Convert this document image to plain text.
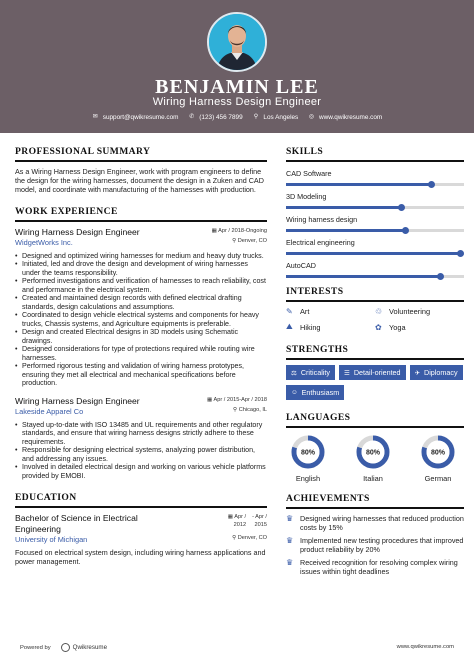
BENJAMIN LEE
Wiring Harness Design Engineer
✉ support@qwikresume.com
✆ (123) 456 7899
⚲ Los Angeles
◎ www.qwikresume.com
PROFESSIONAL SUMMARY
As a Wiring Harness Design Engineer, work with program engineers to define the design for the wiring harnesses, document the design in a Zuken and CAD model, and coordinate with manufacturing of the harnesses with production.
WORK EXPERIENCE
Wiring Harness Design Engineer	▦ Apr / 2018-Ongoing
WidgetWorks Inc.	⚲ Denver, CO
• Designed and optimized wiring harnesses for medium and heavy duty trucks.
• Initiated, led and drove the design and development of wiring harnesses under the teams responsibility.
• Performed investigations and verification of harnesses to reach reliability, cost and performance in the electrical system.
• Created and maintained design records with defined electrical drafting standards, design calculations and assumptions.
• Coordinated to design vehicle electrical systems and components for heavy trucks, Chassis systems, and Agriculture equipments is preferable.
• Design and created Electrical designs in 3D models using Schematic drawings.
• Designed considerations for type of protections required while routing wire harnesses.
• Performed rigorous testing and validation of wiring harness prototypes, ensuring they met all electrical and mechanical specifications before production.
Wiring Harness Design Engineer	▦ Apr / 2015-Apr / 2018
Lakeside Apparel Co	⚲ Chicago, IL
• Stayed up-to-date with ISO 13485 and UL requirements and other regulatory standards, and ensure that wiring harness designs strictly adhere to these requirements.
• Responsible for designing electrical systems, analyzing power distribution, and addressing any issues.
• Involved in detailed electrical design and working on various vehicle platforms provided by EMOBI.
EDUCATION
Bachelor of Science in Electrical Engineering
▦ Apr /
2012
- Apr /
2015
University of Michigan	⚲ Denver, CO
Focused on electrical system design, including wiring harness applications and power management.
SKILLS
CAD Software
3D Modeling
Wiring harness design
Electrical engineering
AutoCAD
INTERESTS
✎ Art	♲ Volunteering
⛰ Hiking	✿ Yoga
STRENGTHS
⚖ Criticality ☰ Detail-oriented ✈ Diplomacy
☺ Enthusiasm
LANGUAGES
80%
English
80%
Italian
80%
German
ACHIEVEMENTS
♛ Designed wiring harnesses that reduced production costs by 15%
♛ Implemented new testing procedures that improved product reliability by 20%
♛ Received recognition for resolving complex wiring issues within tight deadlines
Powered by	Qwikresume	www.qwikresume.com
